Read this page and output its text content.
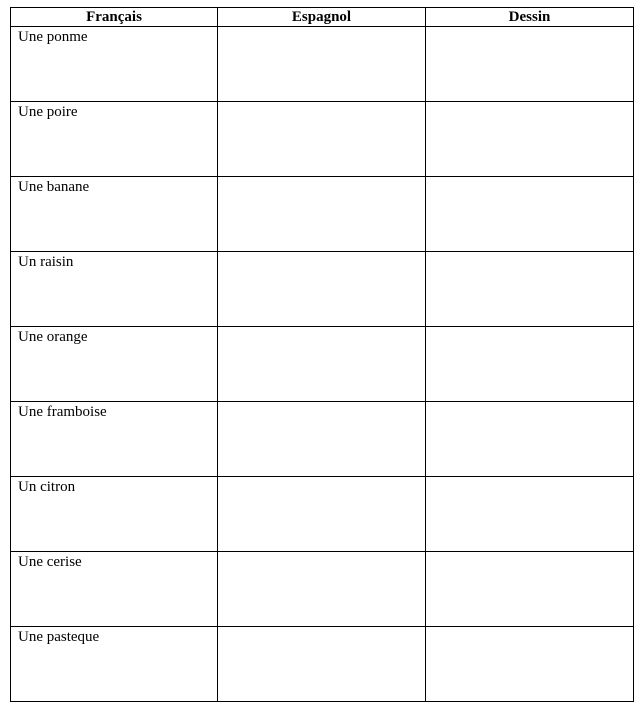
Français	Espagnol	Dessin
Une ponme		
Une poire		
Une banane		
Un raisin		
Une orange		
Une framboise		
Un citron		
Une cerise		
Une pasteque		
